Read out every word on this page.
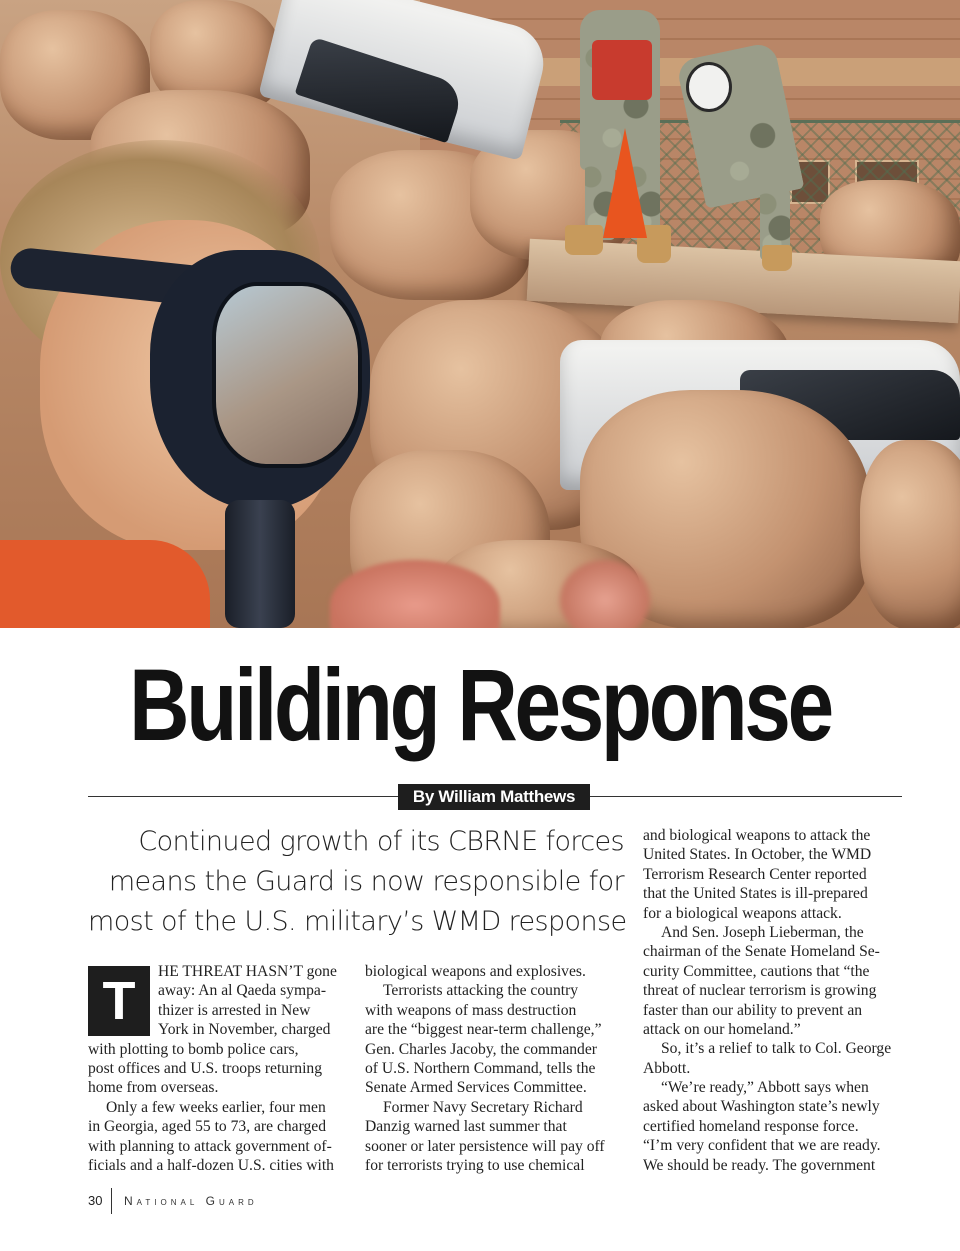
Building Response
By William Matthews
Continued growth of its CBRNE forces
means the Guard is now responsible for
most of the U.S. military’s WMD response
T	HE THREAT HASN’T gone
away: An al Qaeda sympa-
thizer is arrested in New
York in November, charged
with plotting to bomb police cars,
post offices and U.S. troops returning
home from overseas.
Only a few weeks earlier, four men
in Georgia, aged 55 to 73, are charged
with planning to attack government of-
ficials and a half-dozen U.S. cities with
biological weapons and explosives.
Terrorists attacking the country
with weapons of mass destruction
are the “biggest near-term challenge,”
Gen. Charles Jacoby, the commander
of U.S. Northern Command, tells the
Senate Armed Services Committee.
Former Navy Secretary Richard
Danzig warned last summer that
sooner or later persistence will pay off
for terrorists trying to use chemical
and biological weapons to attack the
United States. In October, the WMD
Terrorism Research Center reported
that the United States is ill-prepared
for a biological weapons attack.
And Sen. Joseph Lieberman, the
chairman of the Senate Homeland Se-
curity Committee, cautions that “the
threat of nuclear terrorism is growing
faster than our ability to prevent an
attack on our homeland.”
So, it’s a relief to talk to Col. George
Abbott.
“We’re ready,” Abbott says when
asked about Washington state’s newly
certified homeland response force.
“I’m very confident that we are ready.
We should be ready. The government
30 National Guard
